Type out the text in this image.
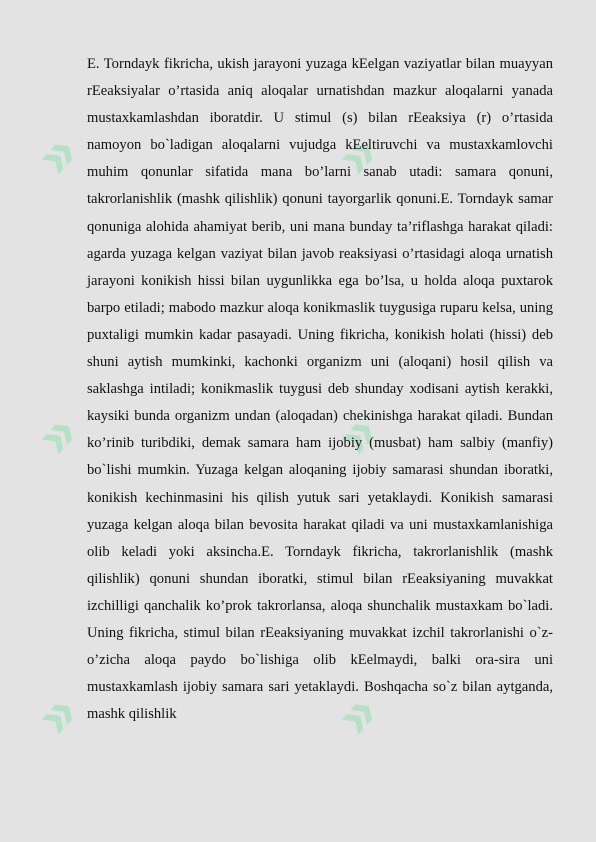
»	»
»	»
»	»

E. Torndayk fikricha, ukish jarayoni yuzaga kEelgan vaziyatlar bilan muayyan rEeaksiyalar o’rtasida aniq aloqalar urnatishdan mazkur aloqalarni yanada mustaxkamlashdan iboratdir. U stimul (s) bilan rEeaksiya (r) o’rtasida namoyon bo`ladigan aloqalarni vujudga kEeltiruvchi va mustaxkamlovchi muhim qonunlar sifatida mana bo’larni sanab utadi: samara qonuni, takrorlanishlik (mashk qilishlik) qonuni tayorgarlik qonuni.E. Torndayk samar qonuniga alohida ahamiyat berib, uni mana bunday ta’riflashga harakat qiladi: agarda yuzaga kelgan vaziyat bilan javob reaksiyasi o’rtasidagi aloqa urnatish jarayoni konikish hissi bilan uygunlikka ega bo’lsa, u holda aloqa puxtarok barpo etiladi; mabodo mazkur aloqa konikmaslik tuygusiga ruparu kelsa, uning puxtaligi mumkin kadar pasayadi. Uning fikricha, konikish holati (hissi) deb shuni aytish mumkinki, kachonki organizm uni (aloqani) hosil qilish va saklashga intiladi; konikmaslik tuygusi deb shunday xodisani aytish kerakki, kaysiki bunda organizm undan (aloqadan) chekinishga harakat qiladi. Bundan ko’rinib turibdiki, demak samara ham ijobiy (musbat) ham salbiy (manfiy) bo`lishi mumkin. Yuzaga kelgan aloqaning ijobiy samarasi shundan iboratki, konikish kechinmasini his qilish yutuk sari yetaklaydi. Konikish samarasi yuzaga kelgan aloqa bilan bevosita harakat qiladi va uni mustaxkamlanishiga olib keladi yoki aksincha.E. Torndayk fikricha, takrorlanishlik (mashk qilishlik) qonuni shundan iboratki, stimul bilan rEeaksiyaning muvakkat izchilligi qanchalik ko’prok takrorlansa, aloqa shunchalik mustaxkam bo`ladi. Uning fikricha, stimul bilan rEeaksiyaning muvakkat izchil takrorlanishi o`z-o’zicha aloqa paydo bo`lishiga olib kEelmaydi, balki ora-sira uni mustaxkamlash ijobiy samara sari yetaklaydi. Boshqacha so`z bilan aytganda, mashk qilishlik
